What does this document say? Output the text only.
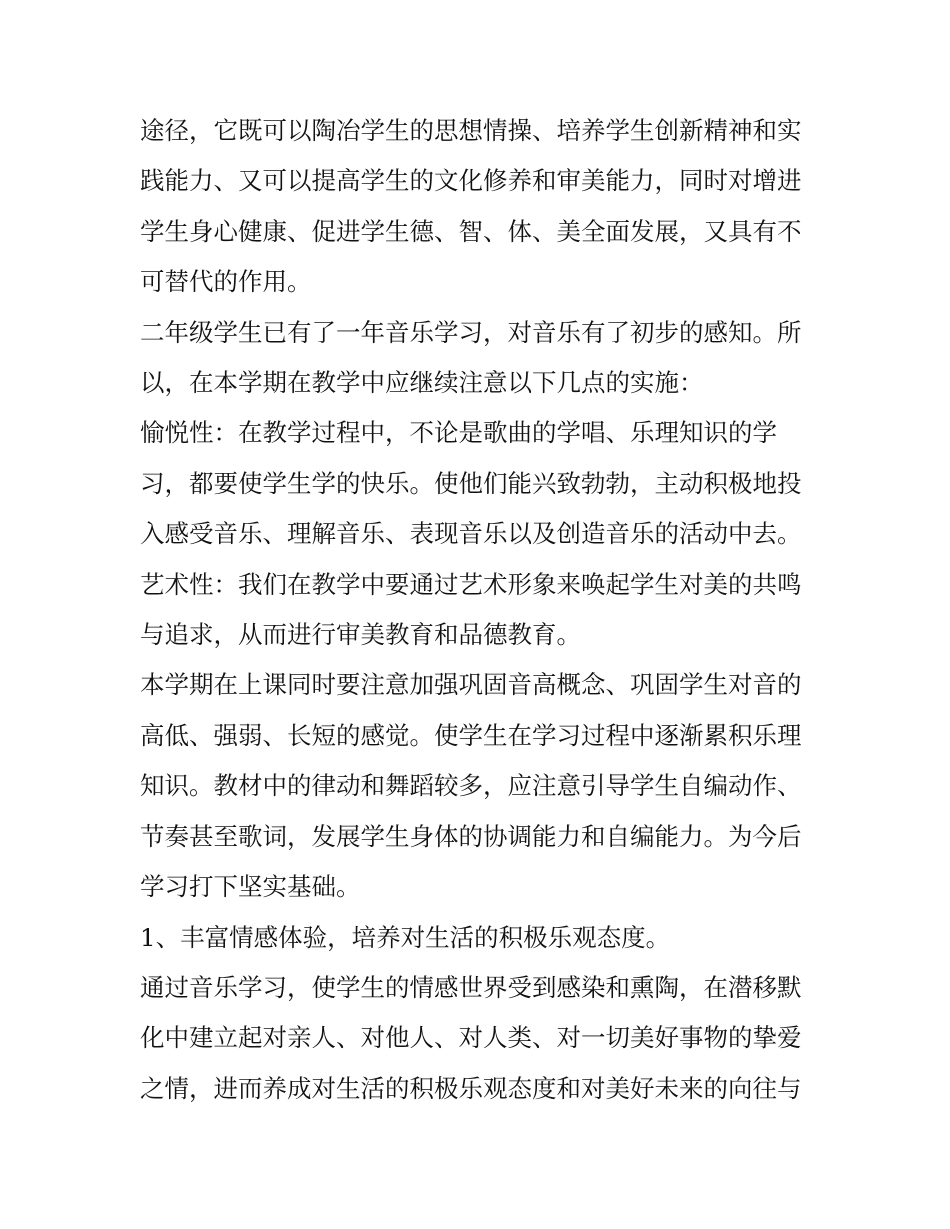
途径，它既可以陶冶学生的思想情操、培养学生创新精神和实践能力、又可以提高学生的文化修养和审美能力，同时对增进学生身心健康、促进学生德、智、体、美全面发展，又具有不可替代的作用。

二年级学生已有了一年音乐学习，对音乐有了初步的感知。所以，在本学期在教学中应继续注意以下几点的实施：

愉悦性：在教学过程中，不论是歌曲的学唱、乐理知识的学习，都要使学生学的快乐。使他们能兴致勃勃，主动积极地投入感受音乐、理解音乐、表现音乐以及创造音乐的活动中去。

艺术性：我们在教学中要通过艺术形象来唤起学生对美的共鸣与追求，从而进行审美教育和品德教育。

本学期在上课同时要注意加强巩固音高概念、巩固学生对音的高低、强弱、长短的感觉。使学生在学习过程中逐渐累积乐理知识。教材中的律动和舞蹈较多，应注意引导学生自编动作、节奏甚至歌词，发展学生身体的协调能力和自编能力。为今后学习打下坚实基础。

1、丰富情感体验，培养对生活的积极乐观态度。

通过音乐学习，使学生的情感世界受到感染和熏陶，在潜移默化中建立起对亲人、对他人、对人类、对一切美好事物的挚爱之情，进而养成对生活的积极乐观态度和对美好未来的向往与
